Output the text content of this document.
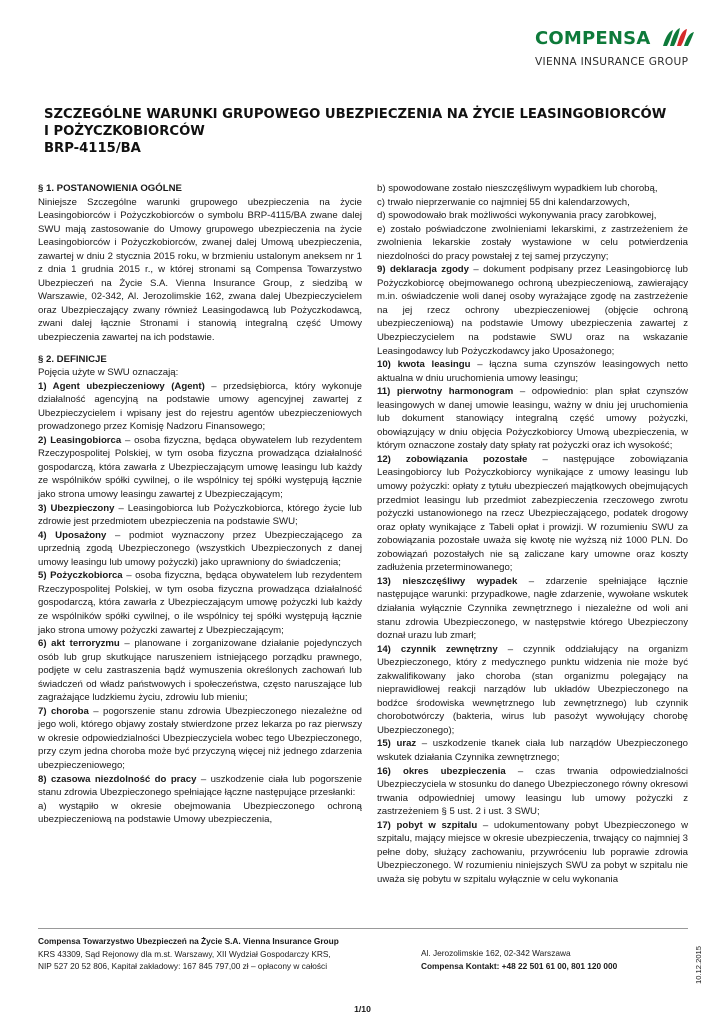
COMPENSA
VIENNA INSURANCE GROUP
SZCZEGÓLNE WARUNKI GRUPOWEGO UBEZPIECZENIA NA ŻYCIE LEASINGOBIORCÓW
I POŻYCZKOBIORCÓW
BRP-4115/BA

§ 1. POSTANOWIENIA OGÓLNE

Niniejsze Szczególne warunki grupowego ubezpieczenia na życie Leasingobiorców i Pożyczkobiorców o symbolu BRP-4115/BA zwane dalej SWU mają zastosowanie do Umowy grupowego ubezpieczenia na życie Leasingobiorców i Pożyczkobiorców, zwanej dalej Umową ubezpieczenia, zawartej w dniu 2 stycznia 2015 roku, w brzmieniu ustalonym aneksem nr 1 z dnia 1 grudnia 2015 r., w której stronami są Compensa Towarzystwo Ubezpieczeń na Życie S.A. Vienna Insurance Group, z siedzibą w Warszawie, 02-342, Al. Jerozolimskie 162, zwana dalej Ubezpieczycielem oraz Ubezpieczający zwany również Leasingodawcą lub Pożyczkodawcą, zwani dalej łącznie Stronami i stanowią integralną część Umowy ubezpieczenia zawartej na ich podstawie.

§ 2. DEFINICJE

Pojęcia użyte w SWU oznaczają:

1) Agent ubezpieczeniowy (Agent) – przedsiębiorca, który wykonuje działalność agencyjną na podstawie umowy agencyjnej zawartej z Ubezpieczycielem i wpisany jest do rejestru agentów ubezpieczeniowych prowadzonego przez Komisję Nadzoru Finansowego;

2) Leasingobiorca – osoba fizyczna, będąca obywatelem lub rezydentem Rzeczypospolitej Polskiej, w tym osoba fizyczna prowadząca działalność gospodarczą, która zawarła z Ubezpieczającym umowę leasingu lub każdy ze wspólników spółki cywilnej, o ile wspólnicy tej spółki występują łącznie jako strona umowy leasingu zawartej z Ubezpieczającym;

3) Ubezpieczony – Leasingobiorca lub Pożyczkobiorca, którego życie lub zdrowie jest przedmiotem ubezpieczenia na podstawie SWU;

4) Uposażony – podmiot wyznaczony przez Ubezpieczającego za uprzednią zgodą Ubezpieczonego (wszystkich Ubezpieczonych z danej umowy leasingu lub umowy pożyczki) jako uprawniony do świadczenia;

5) Pożyczkobiorca – osoba fizyczna, będąca obywatelem lub rezydentem Rzeczypospolitej Polskiej, w tym osoba fizyczna prowadząca działalność gospodarczą, która zawarła z Ubezpieczającym umowę pożyczki lub każdy ze wspólników spółki cywilnej, o ile wspólnicy tej spółki występują łącznie jako strona umowy pożyczki zawartej z Ubezpieczającym;

6) akt terroryzmu – planowane i zorganizowane działanie pojedynczych osób lub grup skutkujące naruszeniem istniejącego porządku prawnego, podjęte w celu zastraszenia bądź wymuszenia określonych zachowań lub świadczeń od władz państwowych i społeczeństwa, często naruszające lub zagrażające ludzkiemu życiu, zdrowiu lub mieniu;

7) choroba – pogorszenie stanu zdrowia Ubezpieczonego niezależne od jego woli, którego objawy zostały stwierdzone przez lekarza po raz pierwszy w okresie odpowiedzialności Ubezpieczyciela wobec tego Ubezpieczonego, przy czym jedna choroba może być przyczyną więcej niż jednego zdarzenia ubezpieczeniowego;

8) czasowa niezdolność do pracy – uszkodzenie ciała lub pogorszenie stanu zdrowia Ubezpieczonego spełniające łączne następujące przesłanki:

a) wystąpiło w okresie obejmowania Ubezpieczonego ochroną ubezpieczeniową na podstawie Umowy ubezpieczenia,

b) spowodowane zostało nieszczęśliwym wypadkiem lub chorobą,

c) trwało nieprzerwanie co najmniej 55 dni kalendarzowych,

d) spowodowało brak możliwości wykonywania pracy zarobkowej,

e) zostało poświadczone zwolnieniami lekarskimi, z zastrzeżeniem że zwolnienia lekarskie zostały wystawione w celu potwierdzenia niezdolności do pracy powstałej z tej samej przyczyny;

9) deklaracja zgody – dokument podpisany przez Leasingobiorcę lub Pożyczkobiorcę obejmowanego ochroną ubezpieczeniową, zawierający m.in. oświadczenie woli danej osoby wyrażające zgodę na zastrzeżenie na jej rzecz ochrony ubezpieczeniowej (objęcie ochroną ubezpieczeniową) na podstawie Umowy ubezpieczenia zawartej z Ubezpieczycielem na podstawie SWU oraz na wskazanie Leasingodawcy lub Pożyczkodawcy jako Uposażonego;

10) kwota leasingu – łączna suma czynszów leasingowych netto aktualna w dniu uruchomienia umowy leasingu;

11) pierwotny harmonogram – odpowiednio: plan spłat czynszów leasingowych w danej umowie leasingu, ważny w dniu jej uruchomienia lub dokument stanowiący integralną część umowy pożyczki, obowiązujący w dniu objęcia Pożyczkobiorcy Umową ubezpieczenia, w którym oznaczone zostały daty spłaty rat pożyczki oraz ich wysokość;

12) zobowiązania pozostałe – następujące zobowiązania Leasingobiorcy lub Pożyczkobiorcy wynikające z umowy leasingu lub umowy pożyczki: opłaty z tytułu ubezpieczeń majątkowych obejmujących przedmiot leasingu lub przedmiot zabezpieczenia rzeczowego zwrotu pożyczki ustanowionego na rzecz Ubezpieczającego, podatek drogowy oraz opłaty wynikające z Tabeli opłat i prowizji. W rozumieniu SWU za zobowiązania pozostałe uważa się kwotę nie wyższą niż 1000 PLN. Do zobowiązań pozostałych nie są zaliczane kary umowne oraz koszty zadłużenia przeterminowanego;

13) nieszczęśliwy wypadek – zdarzenie spełniające łącznie następujące warunki: przypadkowe, nagłe zdarzenie, wywołane wskutek działania wyłącznie Czynnika zewnętrznego i niezależne od woli ani stanu zdrowia Ubezpieczonego, w następstwie którego Ubezpieczony doznał urazu lub zmarł;

14) czynnik zewnętrzny – czynnik oddziałujący na organizm Ubezpieczonego, który z medycznego punktu widzenia nie może być zakwalifikowany jako choroba (stan organizmu polegający na nieprawidłowej reakcji narządów lub układów Ubezpieczonego na bodźce środowiska wewnętrznego lub zewnętrznego) lub czynnik chorobotwórczy (bakteria, wirus lub pasożyt wywołujący chorobę Ubezpieczonego);

15) uraz – uszkodzenie tkanek ciała lub narządów Ubezpieczonego wskutek działania Czynnika zewnętrznego;

16) okres ubezpieczenia – czas trwania odpowiedzialności Ubezpieczyciela w stosunku do danego Ubezpieczonego równy okresowi trwania odpowiedniej umowy leasingu lub umowy pożyczki z zastrzeżeniem § 5 ust. 2 i ust. 3 SWU;

17) pobyt w szpitalu – udokumentowany pobyt Ubezpieczonego w szpitalu, mający miejsce w okresie ubezpieczenia, trwający co najmniej 3 pełne doby, służący zachowaniu, przywróceniu lub poprawie zdrowia Ubezpieczonego. W rozumieniu niniejszych SWU za pobyt w szpitalu nie uważa się pobytu w szpitalu wyłącznie w celu wykonania

Compensa Towarzystwo Ubezpieczeń na Życie S.A. Vienna Insurance Group
KRS 43309, Sąd Rejonowy dla m.st. Warszawy, XII Wydział Gospodarczy KRS,
NIP 527 20 52 806, Kapitał zakładowy: 167 845 797,00 zł – opłacony w całości
Al. Jerozolimskie 162, 02-342 Warszawa
Compensa Kontakt: +48 22 501 61 00, 801 120 000	10.12.2015
1/10
